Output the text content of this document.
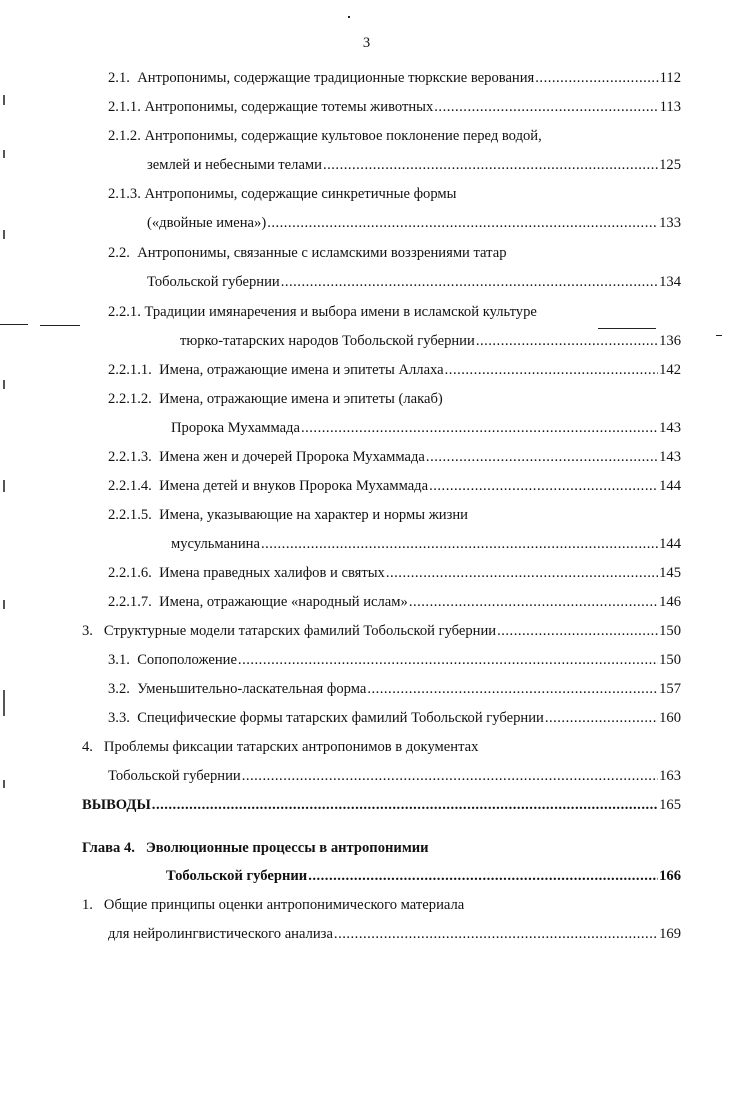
3
2.1. Антропонимы, содержащие традиционные тюркские верования .....	112
2.1.1. Антропонимы, содержащие тотемы животных .....	113
2.1.2. Антропонимы, содержащие культовое поклонение перед водой,
землей и небесными телами .....	125
2.1.3. Антропонимы, содержащие синкретичные формы
(«двойные имена») .....	133
2.2. Антропонимы, связанные с исламскими воззрениями татар
Тобольской губернии .....	134
2.2.1. Традиции имянаречения и выбора имени в исламской культуре
тюрко-татарских народов Тобольской губернии .....	136
2.2.1.1. Имена, отражающие имена и эпитеты Аллаха .....	142
2.2.1.2. Имена, отражающие имена и эпитеты (лакаб)
Пророка Мухаммада .....	143
2.2.1.3. Имена жен и дочерей Пророка Мухаммада .....	143
2.2.1.4. Имена детей и внуков Пророка Мухаммада .....	144
2.2.1.5. Имена, указывающие на характер и нормы жизни
мусульманина .....	144
2.2.1.6. Имена праведных халифов и святых .....	145
2.2.1.7. Имена, отражающие «народный ислам» .....	146
3. Структурные модели татарских фамилий Тобольской губернии .....	150
3.1. Сопоположение .....	150
3.2. Уменьшительно-ласкательная форма .....	157
3.3. Специфические формы татарских фамилий Тобольской губернии .....	160
4. Проблемы фиксации татарских антропонимов в документах
Тобольской губернии .....	163
ВЫВОДЫ .....	165
Глава 4.   Эволюционные процессы в антропонимии
Тобольской губернии .....	166
1. Общие принципы оценки антропонимического материала
для нейролингвистического анализа .....	169
